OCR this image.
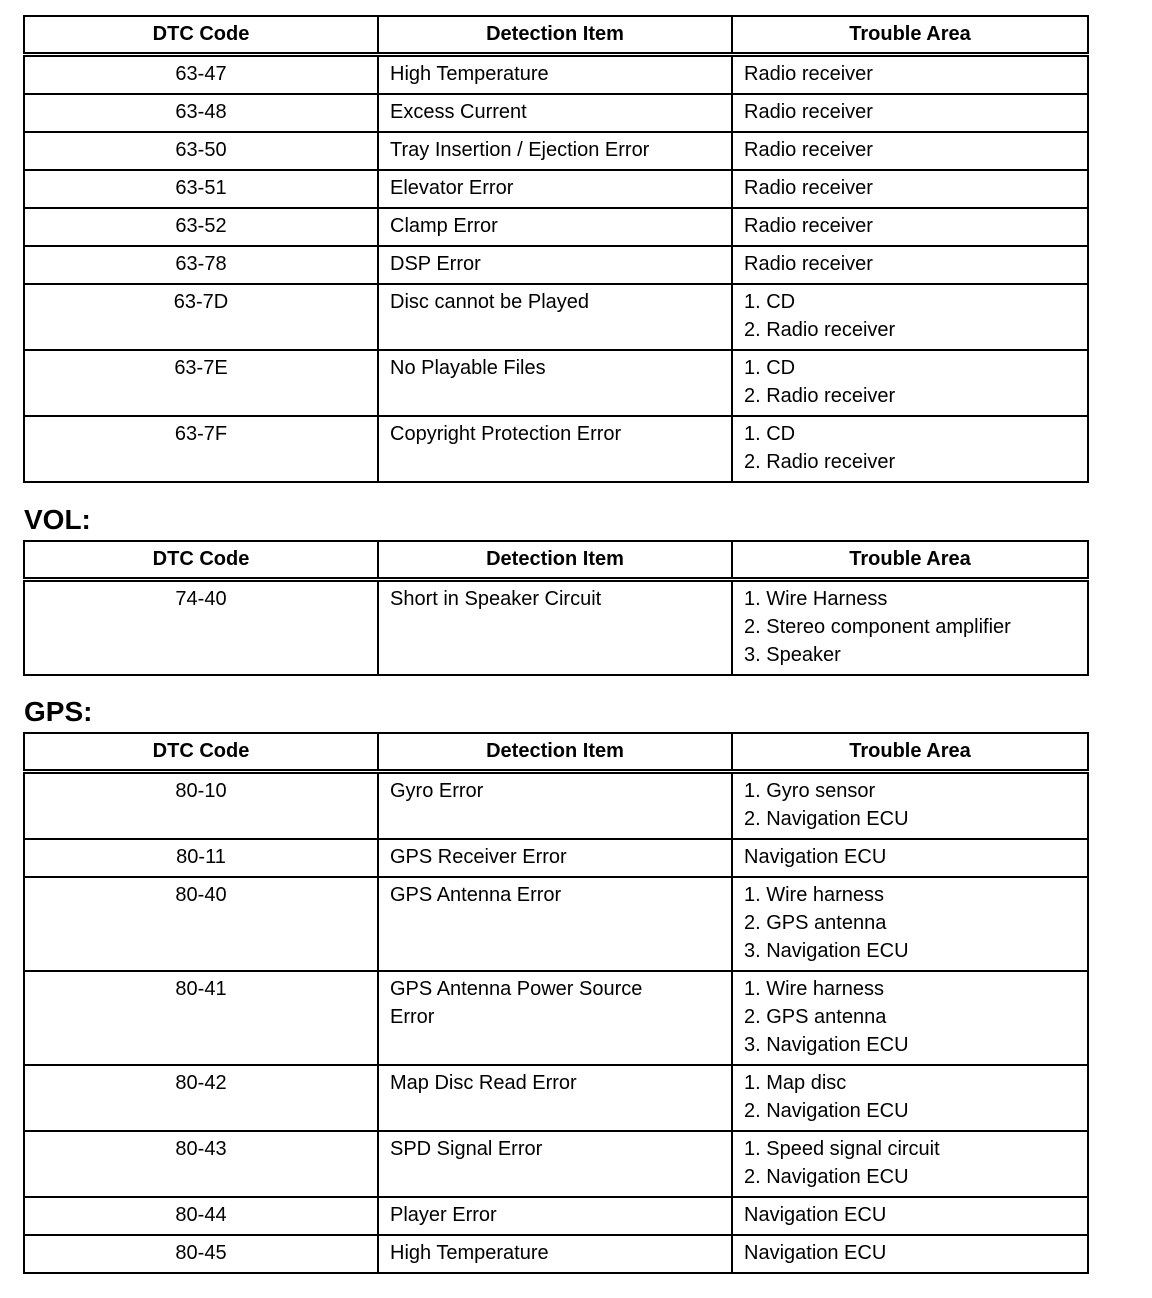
DTC Code	Detection Item	Trouble Area
63-47	High Temperature	Radio receiver

63-48	Excess Current	Radio receiver

63-50	Tray Insertion / Ejection Error	Radio receiver

63-51	Elevator Error	Radio receiver

63-52	Clamp Error	Radio receiver

63-78	DSP Error	Radio receiver

63-7D	Disc cannot be Played	1. CD
2. Radio receiver

63-7E	No Playable Files	1. CD
2. Radio receiver

63-7F	Copyright Protection Error	1. CD
2. Radio receiver
VOL:
DTC Code	Detection Item	Trouble Area
74-40	Short in Speaker Circuit	1. Wire Harness
2. Stereo component amplifier
3. Speaker
GPS:
DTC Code	Detection Item	Trouble Area
80-10	Gyro Error	1. Gyro sensor
2. Navigation ECU

80-11	GPS Receiver Error	Navigation ECU

80-40	GPS Antenna Error	1. Wire harness
2. GPS antenna
3. Navigation ECU

80-41	GPS Antenna Power Source
Error	1. Wire harness
2. GPS antenna
3. Navigation ECU

80-42	Map Disc Read Error	1. Map disc
2. Navigation ECU

80-43	SPD Signal Error	1. Speed signal circuit
2. Navigation ECU

80-44	Player Error	Navigation ECU

80-45	High Temperature	Navigation ECU
